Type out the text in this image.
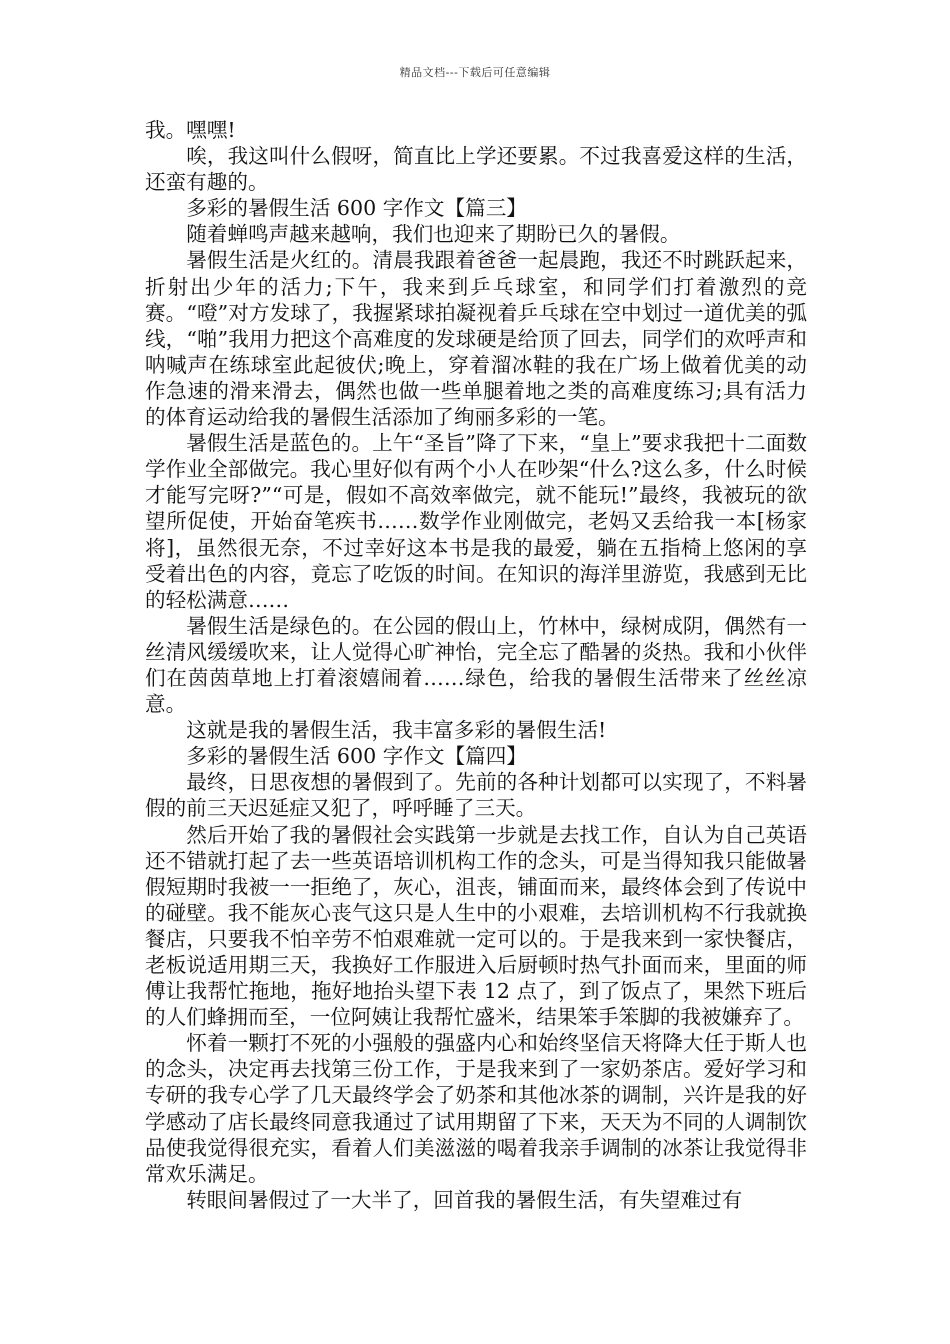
精品文档---下载后可任意编辑

我。嘿嘿!

唉，我这叫什么假呀，简直比上学还要累。不过我喜爱这样的生活，还蛮有趣的。

多彩的暑假生活 600 字作文【篇三】

随着蝉鸣声越来越响，我们也迎来了期盼已久的暑假。

暑假生活是火红的。清晨我跟着爸爸一起晨跑，我还不时跳跃起来，折射出少年的活力;下午，我来到乒乓球室，和同学们打着激烈的竞赛。“噔”对方发球了，我握紧球拍凝视着乒乓球在空中划过一道优美的弧线，“啪”我用力把这个高难度的发球硬是给顶了回去，同学们的欢呼声和呐喊声在练球室此起彼伏;晚上，穿着溜冰鞋的我在广场上做着优美的动作急速的滑来滑去，偶然也做一些单腿着地之类的高难度练习;具有活力的体育运动给我的暑假生活添加了绚丽多彩的一笔。

暑假生活是蓝色的。上午“圣旨”降了下来，“皇上”要求我把十二面数学作业全部做完。我心里好似有两个小人在吵架“什么?这么多，什么时候才能写完呀?”“可是，假如不高效率做完，就不能玩!”最终，我被玩的欲望所促使，开始奋笔疾书……数学作业刚做完，老妈又丢给我一本[杨家将]，虽然很无奈，不过幸好这本书是我的最爱，躺在五指椅上悠闲的享受着出色的内容，竟忘了吃饭的时间。在知识的海洋里游览，我感到无比的轻松满意……

暑假生活是绿色的。在公园的假山上，竹林中，绿树成阴，偶然有一丝清风缓缓吹来，让人觉得心旷神怡，完全忘了酷暑的炎热。我和小伙伴们在茵茵草地上打着滚嬉闹着……绿色，给我的暑假生活带来了丝丝凉意。

这就是我的暑假生活，我丰富多彩的暑假生活!

多彩的暑假生活 600 字作文【篇四】

最终，日思夜想的暑假到了。先前的各种计划都可以实现了，不料暑假的前三天迟延症又犯了，呼呼睡了三天。

然后开始了我的暑假社会实践第一步就是去找工作，自认为自己英语还不错就打起了去一些英语培训机构工作的念头，可是当得知我只能做暑假短期时我被一一拒绝了，灰心，沮丧，铺面而来，最终体会到了传说中的碰壁。我不能灰心丧气这只是人生中的小艰难，去培训机构不行我就换餐店，只要我不怕辛劳不怕艰难就一定可以的。于是我来到一家快餐店，老板说适用期三天，我换好工作服进入后厨顿时热气扑面而来，里面的师傅让我帮忙拖地，拖好地抬头望下表 12 点了，到了饭点了，果然下班后的人们蜂拥而至，一位阿姨让我帮忙盛米，结果笨手笨脚的我被嫌弃了。

怀着一颗打不死的小强般的强盛内心和始终坚信天将降大任于斯人也的念头，决定再去找第三份工作，于是我来到了一家奶茶店。爱好学习和专研的我专心学了几天最终学会了奶茶和其他冰茶的调制，兴许是我的好学感动了店长最终同意我通过了试用期留了下来，天天为不同的人调制饮品使我觉得很充实，看着人们美滋滋的喝着我亲手调制的冰茶让我觉得非常欢乐满足。

转眼间暑假过了一大半了，回首我的暑假生活，有失望难过有
